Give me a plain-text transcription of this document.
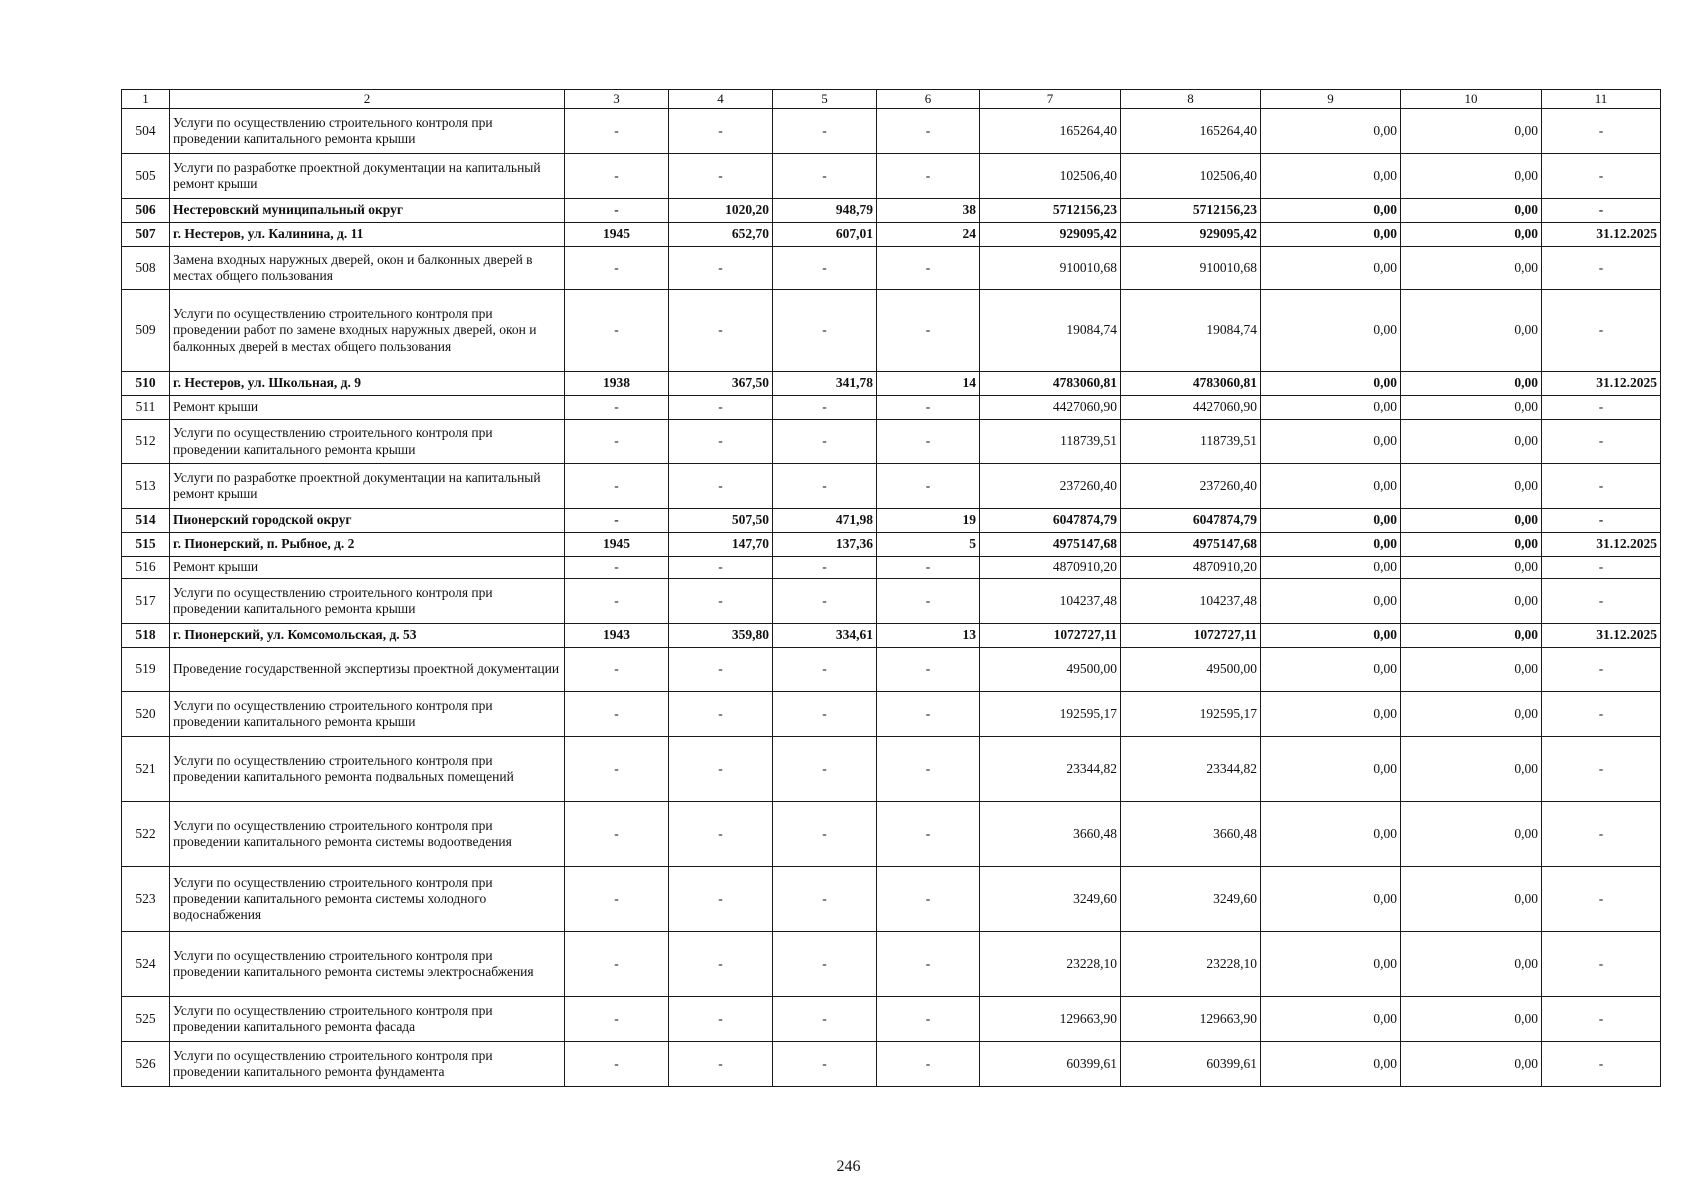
1	2	3	4	5	6	7	8	9	10	11
504	Услуги по осуществлению строительного контроля при проведении капитального ремонта крыши	-	-	-	-	165264,40	165264,40	0,00	0,00	-
505	Услуги по разработке проектной документации на капитальный ремонт крыши	-	-	-	-	102506,40	102506,40	0,00	0,00	-
506	Нестеровский муниципальный округ	-	1020,20	948,79	38	5712156,23	5712156,23	0,00	0,00	-
507	г. Нестеров, ул. Калинина, д. 11	1945	652,70	607,01	24	929095,42	929095,42	0,00	0,00	31.12.2025
508	Замена входных наружных дверей, окон и балконных дверей в местах общего пользования	-	-	-	-	910010,68	910010,68	0,00	0,00	-
509	Услуги по осуществлению строительного контроля при проведении работ по замене входных наружных дверей, окон и балконных дверей в местах общего пользования	-	-	-	-	19084,74	19084,74	0,00	0,00	-
510	г. Нестеров, ул. Школьная, д. 9	1938	367,50	341,78	14	4783060,81	4783060,81	0,00	0,00	31.12.2025
511	Ремонт крыши	-	-	-	-	4427060,90	4427060,90	0,00	0,00	-
512	Услуги по осуществлению строительного контроля при проведении капитального ремонта крыши	-	-	-	-	118739,51	118739,51	0,00	0,00	-
513	Услуги по разработке проектной документации на капитальный ремонт крыши	-	-	-	-	237260,40	237260,40	0,00	0,00	-
514	Пионерский городской округ	-	507,50	471,98	19	6047874,79	6047874,79	0,00	0,00	-
515	г. Пионерский, п. Рыбное, д. 2	1945	147,70	137,36	5	4975147,68	4975147,68	0,00	0,00	31.12.2025
516	Ремонт крыши	-	-	-	-	4870910,20	4870910,20	0,00	0,00	-
517	Услуги по осуществлению строительного контроля при проведении капитального ремонта крыши	-	-	-	-	104237,48	104237,48	0,00	0,00	-
518	г. Пионерский, ул. Комсомольская, д. 53	1943	359,80	334,61	13	1072727,11	1072727,11	0,00	0,00	31.12.2025
519	Проведение государственной экспертизы проектной документации	-	-	-	-	49500,00	49500,00	0,00	0,00	-
520	Услуги по осуществлению строительного контроля при проведении капитального ремонта крыши	-	-	-	-	192595,17	192595,17	0,00	0,00	-
521	Услуги по осуществлению строительного контроля при проведении капитального ремонта подвальных помещений	-	-	-	-	23344,82	23344,82	0,00	0,00	-
522	Услуги по осуществлению строительного контроля при проведении капитального ремонта системы водоотведения	-	-	-	-	3660,48	3660,48	0,00	0,00	-
523	Услуги по осуществлению строительного контроля при проведении капитального ремонта системы холодного водоснабжения	-	-	-	-	3249,60	3249,60	0,00	0,00	-
524	Услуги по осуществлению строительного контроля при проведении капитального ремонта системы электроснабжения	-	-	-	-	23228,10	23228,10	0,00	0,00	-
525	Услуги по осуществлению строительного контроля при проведении капитального ремонта фасада	-	-	-	-	129663,90	129663,90	0,00	0,00	-
526	Услуги по осуществлению строительного контроля при проведении капитального ремонта фундамента	-	-	-	-	60399,61	60399,61	0,00	0,00	-
246
